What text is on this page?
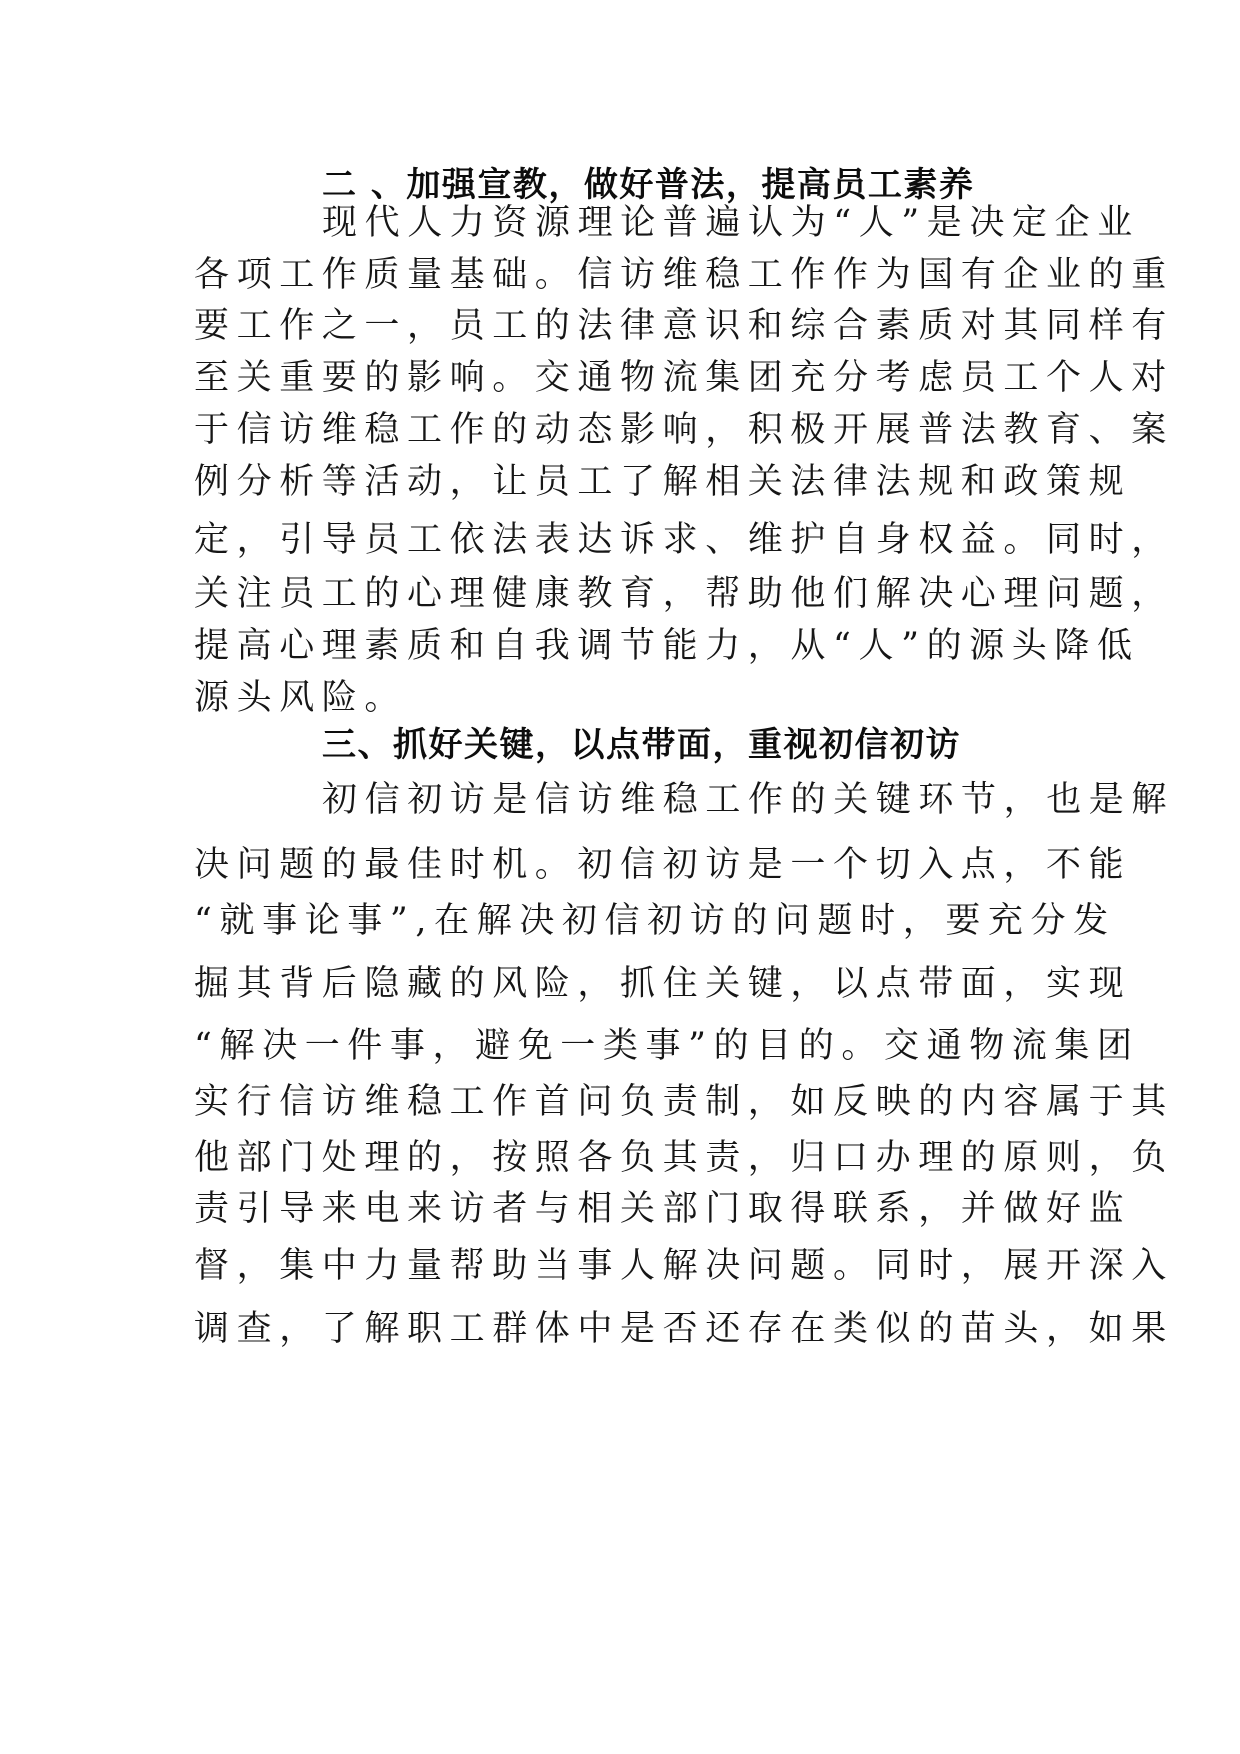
二 、加强宣教，做好普法，提高员工素养
现代人力资源理论普遍认为“人”是决定企业
各项工作质量基础。信访维稳工作作为国有企业的重
要工作之一，员工的法律意识和综合素质对其同样有
至关重要的影响。交通物流集团充分考虑员工个人对
于信访维稳工作的动态影响，积极开展普法教育、案
例分析等活动，让员工了解相关法律法规和政策规
定，引导员工依法表达诉求、维护自身权益。同时，
关注员工的心理健康教育，帮助他们解决心理问题，
提高心理素质和自我调节能力，从“人”的源头降低
源头风险。
三、抓好关键，以点带面，重视初信初访
初信初访是信访维稳工作的关键环节，也是解
决问题的最佳时机。初信初访是一个切入点，不能
“就事论事”,在解决初信初访的问题时，要充分发
掘其背后隐藏的风险，抓住关键，以点带面，实现
“解决一件事，避免一类事”的目的。交通物流集团
实行信访维稳工作首问负责制，如反映的内容属于其
他部门处理的，按照各负其责，归口办理的原则，负
责引导来电来访者与相关部门取得联系，并做好监
督，集中力量帮助当事人解决问题。同时，展开深入
调查，了解职工群体中是否还存在类似的苗头，如果
